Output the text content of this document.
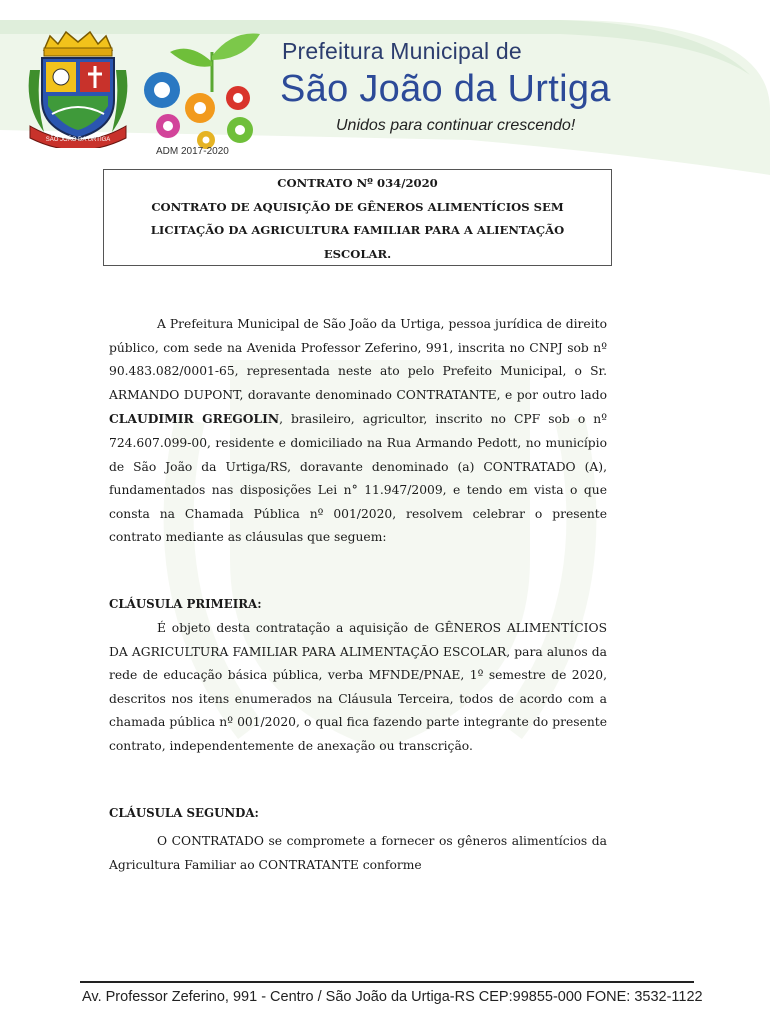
SÃO JOÃO DA URTIGA
ADM 2017-2020
Prefeitura Municipal de
São João da Urtiga
Unidos para continuar crescendo!
CONTRATO Nº 034/2020
CONTRATO DE AQUISIÇÃO DE GÊNEROS ALIMENTÍCIOS SEM
LICITAÇÃO DA AGRICULTURA FAMILIAR PARA A ALIENTAÇÃO
ESCOLAR.
A Prefeitura Municipal de São João da Urtiga, pessoa jurídica de direito público, com sede na Avenida Professor Zeferino, 991, inscrita no CNPJ sob nº 90.483.082/0001-65, representada neste ato pelo Prefeito Municipal, o Sr. ARMANDO DUPONT, doravante denominado CONTRATANTE, e por outro lado CLAUDIMIR GREGOLIN, brasileiro, agricultor, inscrito no CPF sob o nº 724.607.099-00, residente e domiciliado na Rua Armando Pedott, no município de São João da Urtiga/RS, doravante denominado (a) CONTRATADO (A), fundamentados nas disposições Lei n° 11.947/2009, e tendo em vista o que consta na Chamada Pública nº 001/2020, resolvem celebrar o presente contrato mediante as cláusulas que seguem:
CLÁUSULA PRIMEIRA:
É objeto desta contratação a aquisição de GÊNEROS ALIMENTÍCIOS DA AGRICULTURA FAMILIAR PARA ALIMENTAÇÃO ESCOLAR, para alunos da rede de educação básica pública, verba MFNDE/PNAE, 1º semestre de 2020, descritos nos itens enumerados na Cláusula Terceira, todos de acordo com a chamada pública nº 001/2020, o qual fica fazendo parte integrante do presente contrato, independentemente de anexação ou transcrição.
CLÁUSULA SEGUNDA:
O CONTRATADO se compromete a fornecer os gêneros alimentícios da Agricultura Familiar ao CONTRATANTE conforme
Av. Professor Zeferino, 991 - Centro / São João da Urtiga-RS CEP:99855-000 FONE: 3532-1122
